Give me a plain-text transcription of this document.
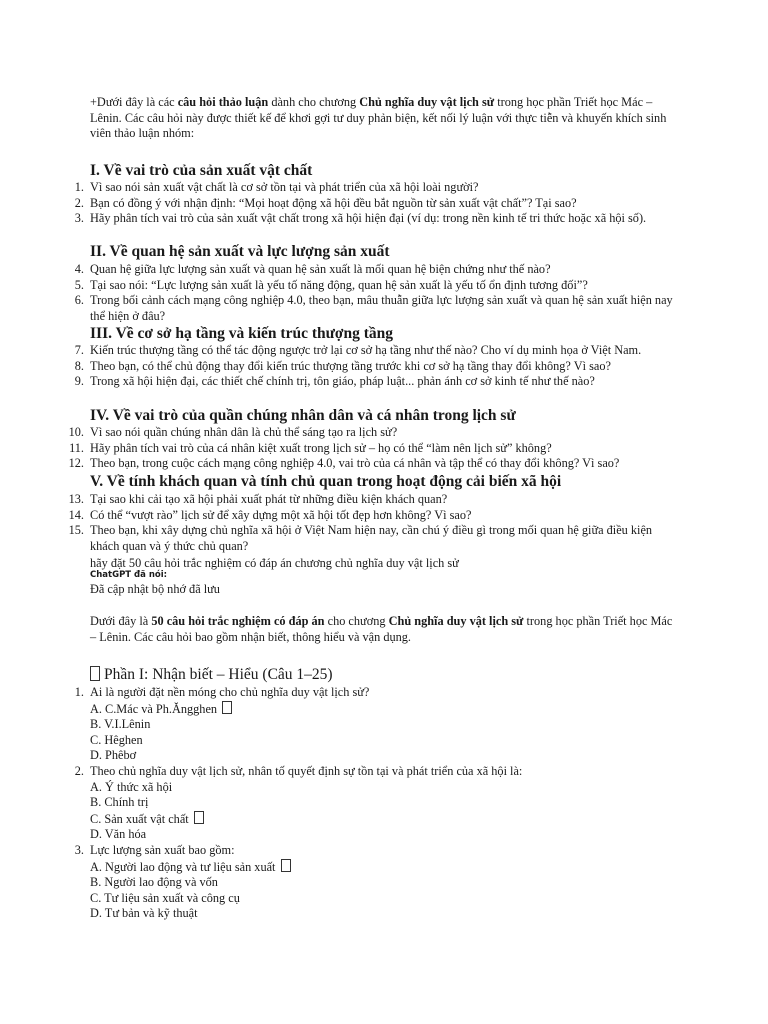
+Dưới đây là các câu hỏi thảo luận dành cho chương Chủ nghĩa duy vật lịch sử trong học phần Triết học Mác – Lênin. Các câu hỏi này được thiết kế để khơi gợi tư duy phản biện, kết nối lý luận với thực tiễn và khuyến khích sinh viên thảo luận nhóm:

I. Về vai trò của sản xuất vật chất
1. Vì sao nói sản xuất vật chất là cơ sở tồn tại và phát triển của xã hội loài người?
2. Bạn có đồng ý với nhận định: “Mọi hoạt động xã hội đều bắt nguồn từ sản xuất vật chất”? Tại sao?
3. Hãy phân tích vai trò của sản xuất vật chất trong xã hội hiện đại (ví dụ: trong nền kinh tế tri thức hoặc xã hội số).
II. Về quan hệ sản xuất và lực lượng sản xuất
4. Quan hệ giữa lực lượng sản xuất và quan hệ sản xuất là mối quan hệ biện chứng như thế nào?
5. Tại sao nói: “Lực lượng sản xuất là yếu tố năng động, quan hệ sản xuất là yếu tố ổn định tương đối”?
6. Trong bối cảnh cách mạng công nghiệp 4.0, theo bạn, mâu thuẫn giữa lực lượng sản xuất và quan hệ sản xuất hiện nay thể hiện ở đâu?
III. Về cơ sở hạ tầng và kiến trúc thượng tầng
7. Kiến trúc thượng tầng có thể tác động ngược trở lại cơ sở hạ tầng như thế nào? Cho ví dụ minh họa ở Việt Nam.
8. Theo bạn, có thể chủ động thay đổi kiến trúc thượng tầng trước khi cơ sở hạ tầng thay đổi không? Vì sao?
9. Trong xã hội hiện đại, các thiết chế chính trị, tôn giáo, pháp luật... phản ánh cơ sở kinh tế như thế nào?
IV. Về vai trò của quần chúng nhân dân và cá nhân trong lịch sử
10. Vì sao nói quần chúng nhân dân là chủ thể sáng tạo ra lịch sử?
11. Hãy phân tích vai trò của cá nhân kiệt xuất trong lịch sử – họ có thể “làm nên lịch sử” không?
12. Theo bạn, trong cuộc cách mạng công nghiệp 4.0, vai trò của cá nhân và tập thể có thay đổi không? Vì sao?
V. Về tính khách quan và tính chủ quan trong hoạt động cải biến xã hội
13. Tại sao khi cải tạo xã hội phải xuất phát từ những điều kiện khách quan?
14. Có thể “vượt rào” lịch sử để xây dựng một xã hội tốt đẹp hơn không? Vì sao?
15. Theo bạn, khi xây dựng chủ nghĩa xã hội ở Việt Nam hiện nay, cần chú ý điều gì trong mối quan hệ giữa điều kiện khách quan và ý thức chủ quan?
hãy đặt 50 câu hỏi trắc nghiệm có đáp án chương chủ nghĩa duy vật lịch sử
ChatGPT đã nói:
Đã cập nhật bộ nhớ đã lưu
Dưới đây là 50 câu hỏi trắc nghiệm có đáp án cho chương Chủ nghĩa duy vật lịch sử trong học phần Triết học Mác – Lênin. Các câu hỏi bao gồm nhận biết, thông hiểu và vận dụng.
Phần I: Nhận biết – Hiểu (Câu 1–25)
1. Ai là người đặt nền móng cho chủ nghĩa duy vật lịch sử?
A. C.Mác và Ph.Ăngghen
B. V.I.Lênin
C. Hêghen
D. Phêbơ
2. Theo chủ nghĩa duy vật lịch sử, nhân tố quyết định sự tồn tại và phát triển của xã hội là:
A. Ý thức xã hội
B. Chính trị
C. Sản xuất vật chất
D. Văn hóa
3. Lực lượng sản xuất bao gồm:
A. Người lao động và tư liệu sản xuất
B. Người lao động và vốn
C. Tư liệu sản xuất và công cụ
D. Tư bản và kỹ thuật
